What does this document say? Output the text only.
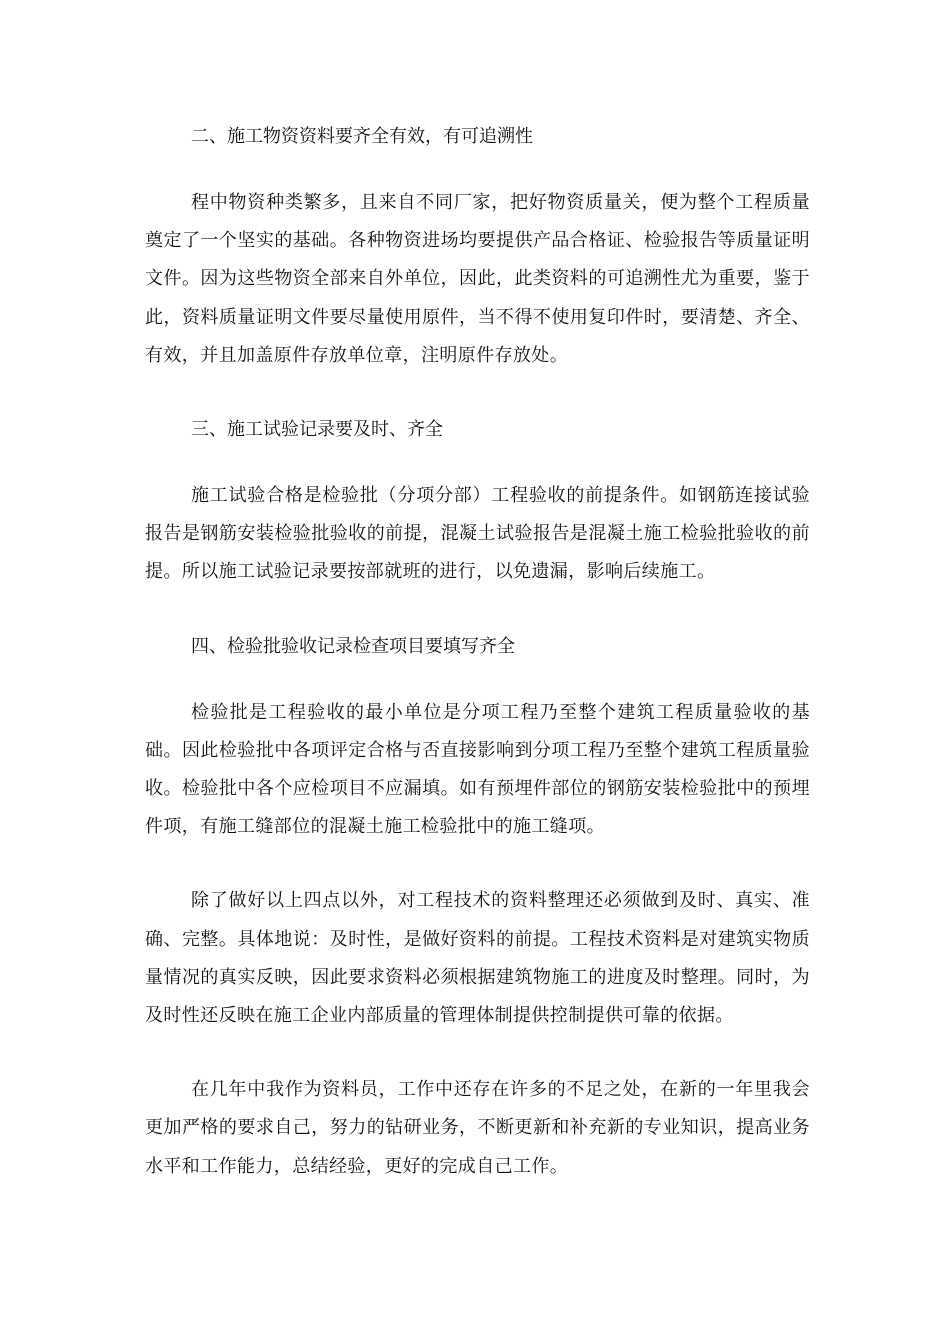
二、施工物资资料要齐全有效，有可追溯性

程中物资种类繁多，且来自不同厂家，把好物资质量关，便为整个工程质量奠定了一个坚实的基础。各种物资进场均要提供产品合格证、检验报告等质量证明文件。因为这些物资全部来自外单位，因此，此类资料的可追溯性尤为重要，鉴于此，资料质量证明文件要尽量使用原件，当不得不使用复印件时，要清楚、齐全、有效，并且加盖原件存放单位章，注明原件存放处。

三、施工试验记录要及时、齐全

施工试验合格是检验批（分项分部）工程验收的前提条件。如钢筋连接试验报告是钢筋安装检验批验收的前提，混凝土试验报告是混凝土施工检验批验收的前提。所以施工试验记录要按部就班的进行，以免遗漏，影响后续施工。

四、检验批验收记录检查项目要填写齐全

检验批是工程验收的最小单位是分项工程乃至整个建筑工程质量验收的基础。因此检验批中各项评定合格与否直接影响到分项工程乃至整个建筑工程质量验收。检验批中各个应检项目不应漏填。如有预埋件部位的钢筋安装检验批中的预埋件项，有施工缝部位的混凝土施工检验批中的施工缝项。

除了做好以上四点以外，对工程技术的资料整理还必须做到及时、真实、准确、完整。具体地说：及时性，是做好资料的前提。工程技术资料是对建筑实物质量情况的真实反映，因此要求资料必须根据建筑物施工的进度及时整理。同时，为及时性还反映在施工企业内部质量的管理体制提供控制提供可靠的依据。

在几年中我作为资料员，工作中还存在许多的不足之处，在新的一年里我会更加严格的要求自己，努力的钻研业务，不断更新和补充新的专业知识，提高业务水平和工作能力，总结经验，更好的完成自己工作。
